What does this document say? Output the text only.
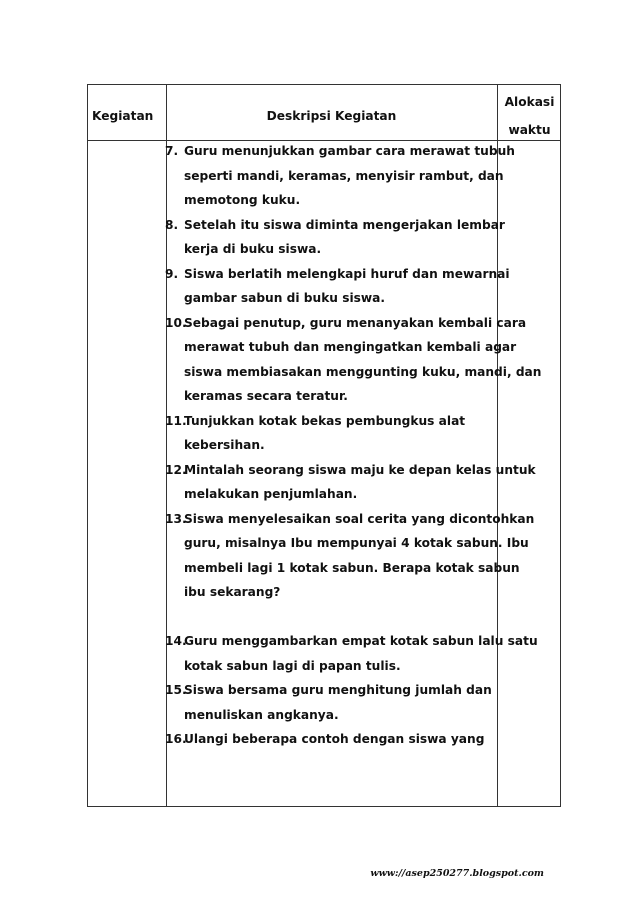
Kegiatan	Deskripsi Kegiatan
Alokasi
waktu
7. Guru menunjukkan gambar cara merawat tubuh
seperti mandi, keramas, menyisir rambut, dan
memotong kuku.
8. Setelah itu siswa diminta mengerjakan lembar
kerja di buku siswa.
9. Siswa berlatih melengkapi huruf dan mewarnai
gambar sabun di buku siswa.
10.
Sebagai penutup, guru menanyakan kembali cara
merawat tubuh dan mengingatkan kembali agar
siswa membiasakan menggunting kuku, mandi, dan
keramas secara teratur.
11.
Tunjukkan kotak bekas pembungkus alat
kebersihan.
12.
Mintalah seorang siswa maju ke depan kelas untuk
melakukan penjumlahan.
13.
Siswa menyelesaikan soal cerita yang dicontohkan
guru, misalnya Ibu mempunyai 4 kotak sabun. Ibu
membeli lagi 1 kotak sabun. Berapa kotak sabun
ibu sekarang?
14.
Guru menggambarkan empat kotak sabun lalu satu
kotak sabun lagi di papan tulis.
15.
Siswa bersama guru menghitung jumlah dan
menuliskan angkanya.
16.
Ulangi beberapa contoh dengan siswa yang
www://asep250277.blogspot.com
